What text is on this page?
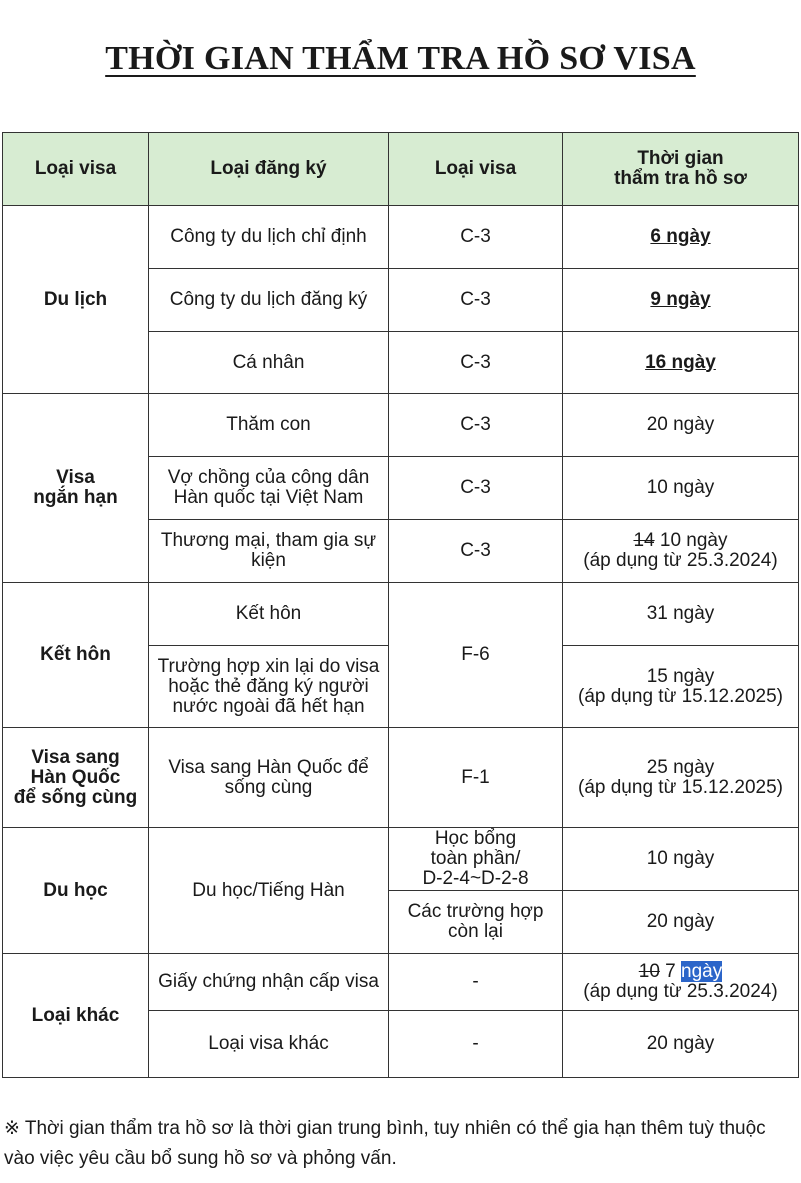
THỜI GIAN THẨM TRA HỒ SƠ VISA
Loại visa	Loại đăng ký	Loại visa	Thời gian
thẩm tra hồ sơ
Du lịch	Công ty du lịch chỉ định	C-3	6 ngày
	Công ty du lịch đăng ký	C-3	9 ngày
	Cá nhân	C-3	16 ngày
Visa
ngắn hạn	Thăm con	C-3	20 ngày
	Vợ chồng của công dân Hàn quốc tại Việt Nam	C-3	10 ngày
	Thương mại, tham gia sự kiện	C-3	14 10 ngày
(áp dụng từ 25.3.2024)
Kết hôn	Kết hôn	F-6	31 ngày
	Trường hợp xin lại do visa hoặc thẻ đăng ký người nước ngoài đã hết hạn		15 ngày
(áp dụng từ 15.12.2025)
Visa sang
Hàn Quốc
để sống cùng	Visa sang Hàn Quốc để sống cùng	F-1	25 ngày
(áp dụng từ 15.12.2025)
Du học	Du học/Tiếng Hàn	Học bổng
toàn phần/
D-2-4~D-2-8	10 ngày
		Các trường hợp còn lại	20 ngày
Loại khác	Giấy chứng nhận cấp visa	-	10 7 ngày
(áp dụng từ 25.3.2024)
	Loại visa khác	-	20 ngày
※ Thời gian thẩm tra hồ sơ là thời gian trung bình, tuy nhiên có thể gia hạn thêm tuỳ thuộc vào việc yêu cầu bổ sung hồ sơ và phỏng vấn.
